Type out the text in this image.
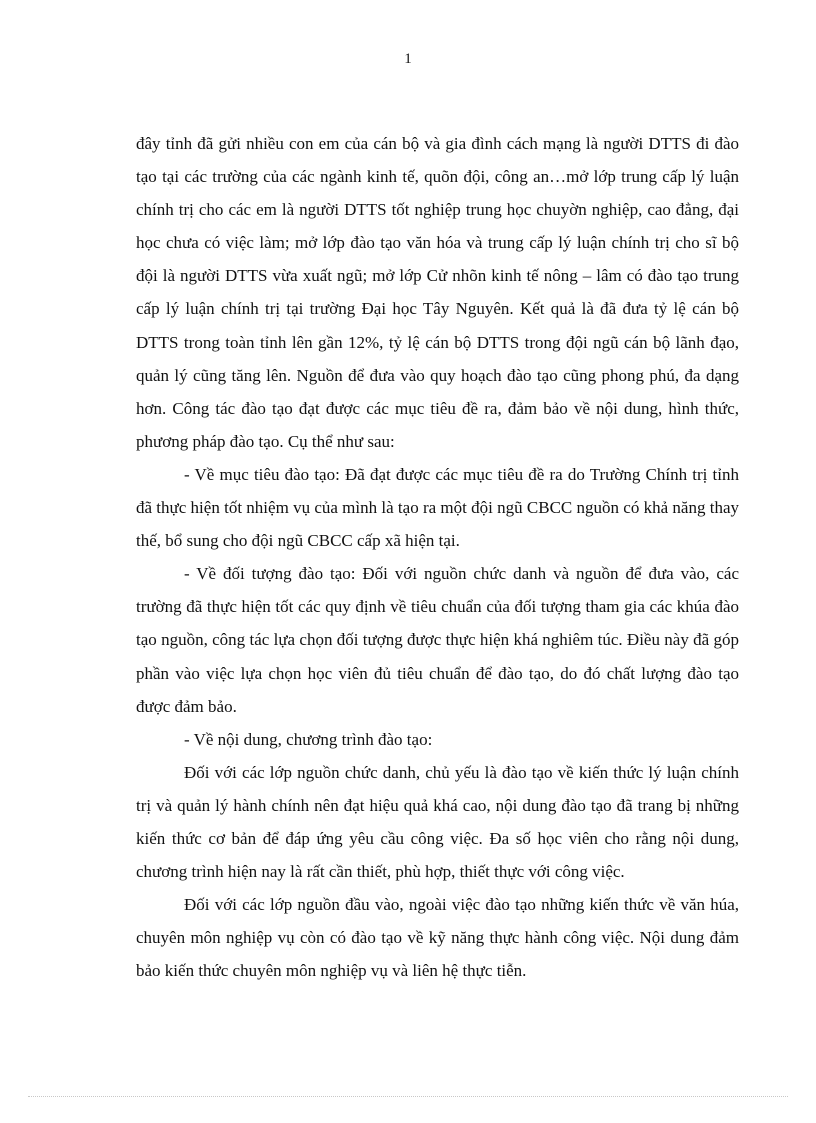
1

đây tỉnh đã gửi nhiều con em của cán bộ và gia đình cách mạng là người DTTS đi đào tạo tại các trường của các ngành kinh tế, quõn đội, công an…mở lớp trung cấp lý luận chính trị cho các em là người DTTS tốt nghiệp trung học chuyờn nghiệp, cao đẳng, đại học chưa có việc làm; mở lớp đào tạo văn hóa và trung cấp lý luận chính trị cho sĩ bộ đội là người DTTS vừa xuất ngũ; mở lớp Cử nhõn kinh tế nông – lâm có đào tạo trung cấp lý luận chính trị tại trường Đại học Tây Nguyên. Kết quả là đã đưa tỷ lệ cán bộ DTTS trong toàn tỉnh lên gần 12%, tỷ lệ cán bộ DTTS trong đội ngũ cán bộ lãnh đạo, quản lý cũng tăng lên. Nguồn để đưa vào quy hoạch đào tạo cũng phong phú, đa dạng hơn. Công tác đào tạo đạt được các mục tiêu đề ra, đảm bảo về nội dung, hình thức, phương pháp đào tạo. Cụ thể như sau:

- Về mục tiêu đào tạo: Đã đạt được các mục tiêu đề ra do Trường Chính trị tỉnh đã thực hiện tốt nhiệm vụ của mình là tạo ra một đội ngũ CBCC nguồn có khả năng thay thế, bổ sung cho đội ngũ CBCC cấp xã hiện tại.

- Về đối tượng đào tạo: Đối với nguồn chức danh và nguồn để đưa vào, các trường đã thực hiện tốt các quy định về tiêu chuẩn của đối tượng tham gia các khúa đào tạo nguồn, công tác lựa chọn đối tượng được thực hiện khá nghiêm túc. Điều này đã góp phần vào việc lựa chọn học viên đủ tiêu chuẩn để đào tạo, do đó chất lượng đào tạo được đảm bảo.

- Về nội dung, chương trình đào tạo:

Đối với các lớp nguồn chức danh, chủ yếu là đào tạo về kiến thức lý luận chính trị và quản lý hành chính nên đạt hiệu quả khá cao, nội dung đào tạo đã trang bị những kiến thức cơ bản để đáp ứng yêu cầu công việc. Đa số học viên cho rằng nội dung, chương trình hiện nay là rất cần thiết, phù hợp, thiết thực với công việc.

Đối với các lớp nguồn đầu vào, ngoài việc đào tạo những kiến thức về văn húa, chuyên môn nghiệp vụ còn có đào tạo về kỹ năng thực hành công việc. Nội dung đảm bảo kiến thức chuyên môn nghiệp vụ và liên hệ thực tiễn.
